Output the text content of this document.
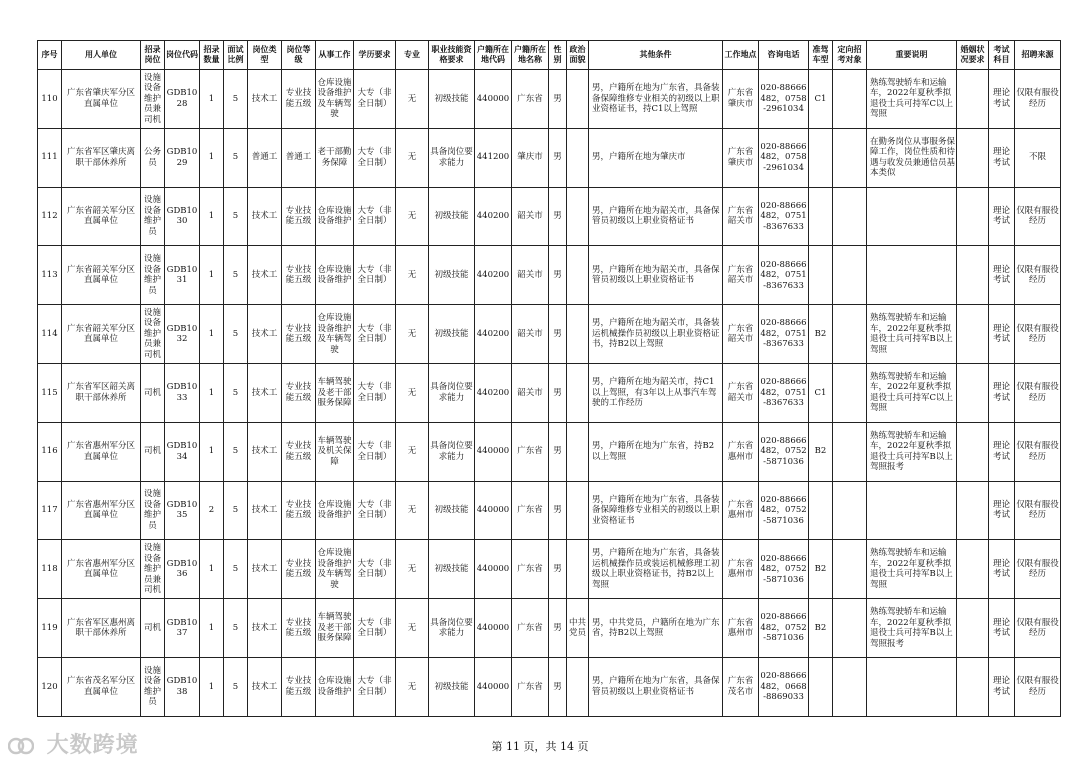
序号	用人单位	招录岗位	岗位代码	招录数量	面试比例	岗位类型	岗位等级	从事工作	学历要求	专业	职业技能资格要求	户籍所在地代码	户籍所在地名称	性别	政治面貌	其他条件	工作地点	咨询电话	准驾车型	定向招考对象	重要说明	婚姻状况要求	考试科目	招聘来源
110	广东省肇庆军分区直属单位	设施设备维护员兼司机	GDB1028	1	5	技术工	专业技能五级	仓库设施设备维护及车辆驾驶	大专（非全日制）	无	初级技能	440000	广东省	男		男，户籍所在地为广东省，具备装备保障维修专业相关的初级以上职业资格证书，持C1以上驾照	广东省肇庆市	020-88666482，0758-2961034	C1		熟练驾驶轿车和运输车，2022年夏秋季拟退役士兵可持军C以上驾照		理论考试	仅限有服役经历
111	广东省军区肇庆离职干部休养所	公务员	GDB1029	1	5	普通工	普通工	老干部勤务保障	大专（非全日制）	无	具备岗位要求能力	441200	肇庆市	男		男，户籍所在地为肇庆市	广东省肇庆市	020-88666482，0758-2961034			在勤务岗位从事服务保障工作，岗位性质和待遇与收发员兼通信员基本类似		理论考试	不限
112	广东省韶关军分区直属单位	设施设备维护员	GDB1030	1	5	技术工	专业技能五级	仓库设施设备维护	大专（非全日制）	无	初级技能	440200	韶关市	男		男，户籍所在地为韶关市，具备保管员初级以上职业资格证书	广东省韶关市	020-88666482，0751-8367633					理论考试	仅限有服役经历
113	广东省韶关军分区直属单位	设施设备维护员	GDB1031	1	5	技术工	专业技能五级	仓库设施设备维护	大专（非全日制）	无	初级技能	440200	韶关市	男		男，户籍所在地为韶关市，具备保管员初级以上职业资格证书	广东省韶关市	020-88666482，0751-8367633					理论考试	仅限有服役经历
114	广东省韶关军分区直属单位	设施设备维护员兼司机	GDB1032	1	5	技术工	专业技能五级	仓库设施设备维护及车辆驾驶	大专（非全日制）	无	初级技能	440200	韶关市	男		男，户籍所在地为韶关市，具备装运机械操作员初级以上职业资格证书，持B2以上驾照	广东省韶关市	020-88666482，0751-8367633	B2		熟练驾驶轿车和运输车，2022年夏秋季拟退役士兵可持军B以上驾照		理论考试	仅限有服役经历
115	广东省军区韶关离职干部休养所	司机	GDB1033	1	5	技术工	专业技能五级	车辆驾驶及老干部服务保障	大专（非全日制）	无	具备岗位要求能力	440200	韶关市	男		男，户籍所在地为韶关市，持C1以上驾照，有3年以上从事汽车驾驶的工作经历	广东省韶关市	020-88666482，0751-8367633	C1		熟练驾驶轿车和运输车，2022年夏秋季拟退役士兵可持军C以上驾照		理论考试	仅限有服役经历
116	广东省惠州军分区直属单位	司机	GDB1034	1	5	技术工	专业技能五级	车辆驾驶及机关保障	大专（非全日制）	无	具备岗位要求能力	440000	广东省	男		男，户籍所在地为广东省，持B2以上驾照	广东省惠州市	020-88666482，0752-5871036	B2		熟练驾驶轿车和运输车，2022年夏秋季拟退役士兵可持军B以上驾照报考		理论考试	仅限有服役经历
117	广东省惠州军分区直属单位	设施设备维护员	GDB1035	2	5	技术工	专业技能五级	仓库设施设备维护	大专（非全日制）	无	初级技能	440000	广东省	男		男，户籍所在地为广东省，具备装备保障维修专业相关的初级以上职业资格证书	广东省惠州市	020-88666482，0752-5871036					理论考试	仅限有服役经历
118	广东省惠州军分区直属单位	设施设备维护员兼司机	GDB1036	1	5	技术工	专业技能五级	仓库设施设备维护及车辆驾驶	大专（非全日制）	无	初级技能	440000	广东省	男		男，户籍所在地为广东省，具备装运机械操作员或装运机械修理工初级以上职业资格证书，持B2以上驾照	广东省惠州市	020-88666482，0752-5871036	B2		熟练驾驶轿车和运输车，2022年夏秋季拟退役士兵可持军B以上驾照		理论考试	仅限有服役经历
119	广东省军区惠州离职干部休养所	司机	GDB1037	1	5	技术工	专业技能五级	车辆驾驶及老干部服务保障	大专（非全日制）	无	具备岗位要求能力	440000	广东省	男	中共党员	男，中共党员，户籍所在地为广东省，持B2以上驾照	广东省惠州市	020-88666482，0752-5871036	B2		熟练驾驶轿车和运输车，2022年夏秋季拟退役士兵可持军B以上驾照报考		理论考试	仅限有服役经历
120	广东省茂名军分区直属单位	设施设备维护员	GDB1038	1	5	技术工	专业技能五级	仓库设施设备维护	大专（非全日制）	无	初级技能	440000	广东省	男		男，户籍所在地为广东省，具备保管员初级以上职业资格证书	广东省茂名市	020-88666482，0668-8869033					理论考试	仅限有服役经历
第 11 页，共 14 页
大数跨境
